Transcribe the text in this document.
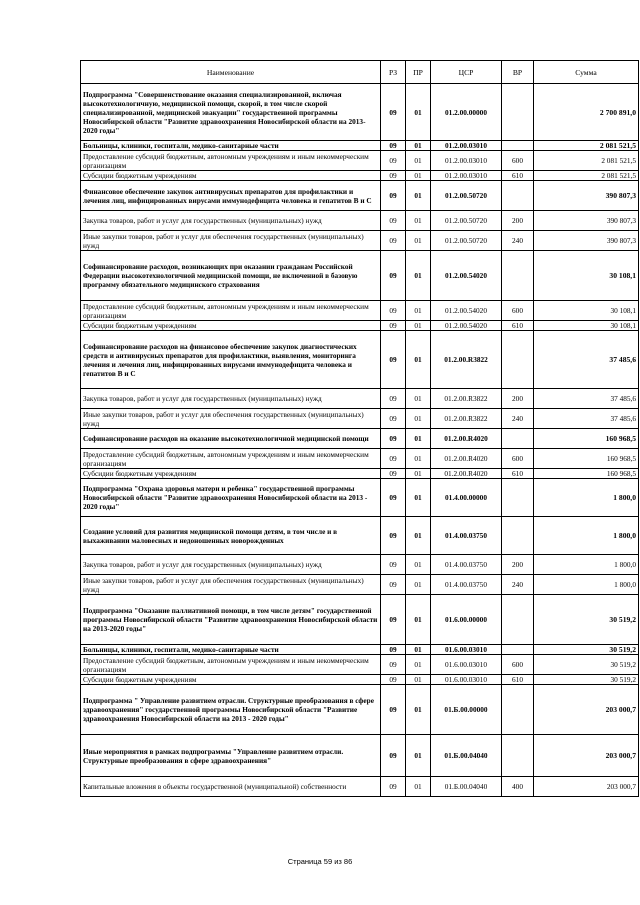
Наименование	РЗ	ПР	ЦСР	ВР	Сумма
Подпрограмма "Совершенствование оказания специализированной, включая высокотехнологичную, медицинской помощи, скорой, в том числе скорой специализированной, медицинской эвакуации" государственной программы Новосибирской области "Развитие здравоохранения Новосибирской области на 2013-2020 годы"	09	01	01.2.00.00000		2 700 891,0
Больницы, клиники, госпитали, медико-санитарные части	09	01	01.2.00.03010		2 081 521,5
Предоставление субсидий бюджетным, автономным учреждениям и иным некоммерческим организациям	09	01	01.2.00.03010	600	2 081 521,5
Субсидии бюджетным учреждениям	09	01	01.2.00.03010	610	2 081 521,5
Финансовое обеспечение закупок антивирусных препаратов для профилактики и лечения лиц, инфицированных вирусами иммунодефицита человека и гепатитов В и С	09	01	01.2.00.50720		390 807,3
Закупка товаров, работ и услуг для государственных (муниципальных) нужд	09	01	01.2.00.50720	200	390 807,3
Иные закупки товаров, работ и услуг для обеспечения государственных (муниципальных) нужд	09	01	01.2.00.50720	240	390 807,3
Софинансирование расходов, возникающих при оказании гражданам Российской Федерации высокотехнологичной медицинской помощи, не включенной в базовую программу обязательного медицинского страхования	09	01	01.2.00.54020		30 108,1
Предоставление субсидий бюджетным, автономным учреждениям и иным некоммерческим организациям	09	01	01.2.00.54020	600	30 108,1
Субсидии бюджетным учреждениям	09	01	01.2.00.54020	610	30 108,1
Софинансирование расходов на финансовое обеспечение закупок диагностических средств и антивирусных препаратов для профилактики, выявления, мониторинга лечения и лечения лиц, инфицированных вирусами иммунодефицита человека и гепатитов В и С	09	01	01.2.00.R3822		37 485,6
Закупка товаров, работ и услуг для государственных (муниципальных) нужд	09	01	01.2.00.R3822	200	37 485,6
Иные закупки товаров, работ и услуг для обеспечения государственных (муниципальных) нужд	09	01	01.2.00.R3822	240	37 485,6
Софинансирование расходов на оказание высокотехнологичной медицинской помощи	09	01	01.2.00.R4020		160 968,5
Предоставление субсидий бюджетным, автономным учреждениям и иным некоммерческим организациям	09	01	01.2.00.R4020	600	160 968,5
Субсидии бюджетным учреждениям	09	01	01.2.00.R4020	610	160 968,5
Подпрограмма "Охрана здоровья матери и ребенка" государственной программы Новосибирской области "Развитие здравоохранения Новосибирской области на 2013 - 2020 годы"	09	01	01.4.00.00000		1 800,0
Создание условий для развития медицинской помощи детям, в том числе и в выхаживании маловесных и недоношенных новорожденных	09	01	01.4.00.03750		1 800,0
Закупка товаров, работ и услуг для государственных (муниципальных) нужд	09	01	01.4.00.03750	200	1 800,0
Иные закупки товаров, работ и услуг для обеспечения государственных (муниципальных) нужд	09	01	01.4.00.03750	240	1 800,0
Подпрограмма "Оказание паллиативной помощи, в том числе детям" государственной программы Новосибирской области "Развитие здравоохранения Новосибирской области на 2013-2020 годы"	09	01	01.6.00.00000		30 519,2
Больницы, клиники, госпитали, медико-санитарные части	09	01	01.6.00.03010		30 519,2
Предоставление субсидий бюджетным, автономным учреждениям и иным некоммерческим организациям	09	01	01.6.00.03010	600	30 519,2
Субсидии бюджетным учреждениям	09	01	01.6.00.03010	610	30 519,2
Подпрограмма " Управление развитием отрасли. Структурные преобразования в сфере здравоохранения" государственной программы Новосибирской области "Развитие здравоохранения Новосибирской области на 2013 - 2020 годы"	09	01	01.Б.00.00000		203 000,7
Иные мероприятия в рамках подпрограммы "Управление развитием отрасли. Структурные преобразования в сфере здравоохранения"	09	01	01.Б.00.04040		203 000,7
Капитальные вложения в объекты государственной (муниципальной) собственности	09	01	01.Б.00.04040	400	203 000,7
Страница 59 из 86
